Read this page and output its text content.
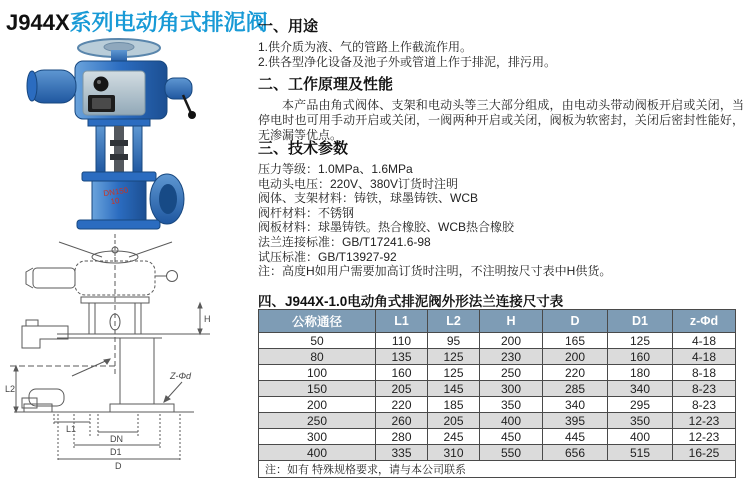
J944X系列电动角式排泥阀
DN150
10
H
Z-Φd
L2
L1
DN
D1
D
一、用途
1.供介质为液、气的管路上作截流作用。
2.供各型净化设备及池子外或管道上作于排泥，排污用。
二、工作原理及性能
本产品由角式阀体、支架和电动头等三大部分组成，由电动头带动阀板开启或关闭，当停电时也可用手动开启或关闭，一阀两种开启或关闭，阀板为软密封，关闭后密封性能好，无渗漏等优点。
三、技术参数
压力等级：1.0MPa、1.6MPa
电动头电压：220V、380V订货时注明
阀体、支架材料：铸铁，球墨铸铁、WCB
阀杆材料：不锈钢
阀板材料：球墨铸铁。热合橡胶、WCB热合橡胶
法兰连接标准：GB/T17241.6-98
试压标准：GB/T13927-92
注：高度H如用户需要加高订货时注明，不注明按尺寸表中H供货。
四、J944X-1.0电动角式排泥阀外形法兰连接尺寸表
公称通径	L1	L2	H	D	D1	z-Φd
50	110	95	200	165	125	4-18
80	135	125	230	200	160	4-18
100	160	125	250	220	180	8-18
150	205	145	300	285	340	8-23
200	220	185	350	340	295	8-23
250	260	205	400	395	350	12-23
300	280	245	450	445	400	12-23
400	335	310	550	656	515	16-25
注：如有 特殊规格要求，请与本公司联系						
